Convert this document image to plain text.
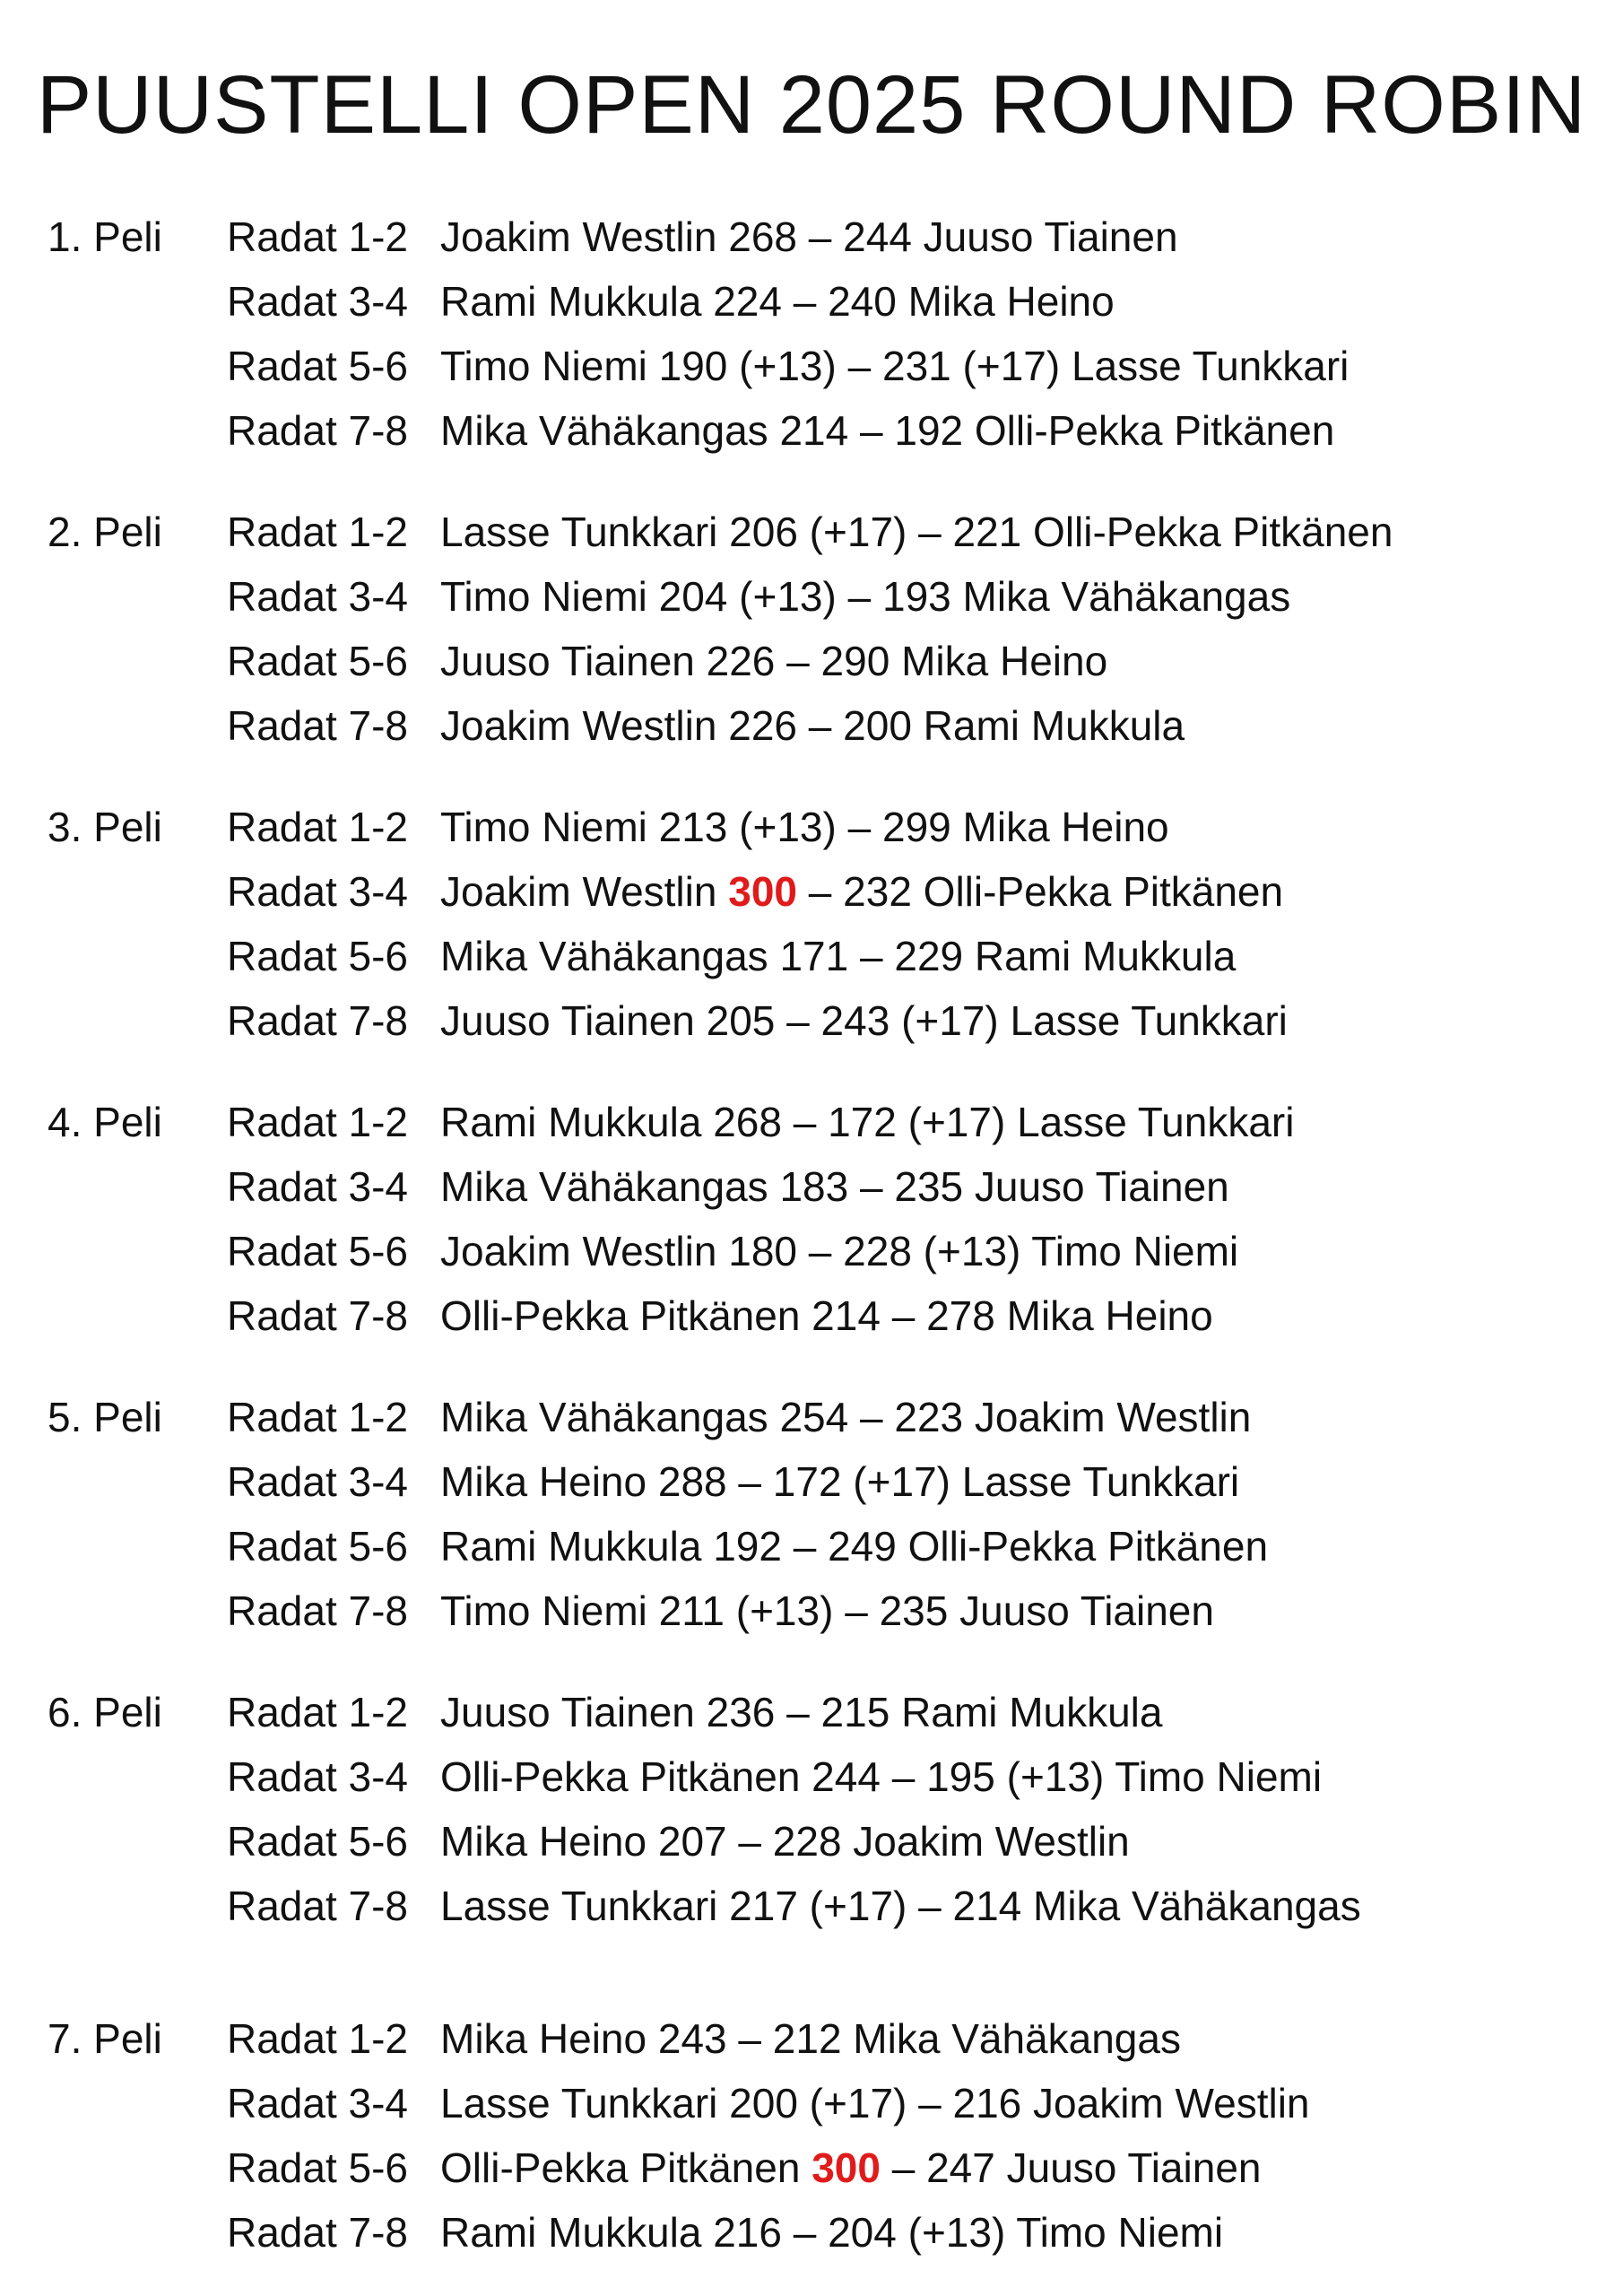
PUUSTELLI OPEN 2025 ROUND ROBIN
1. Peli Radat 1-2 Joakim Westlin 268 – 244 Juuso Tiainen
Radat 3-4 Rami Mukkula 224 – 240 Mika Heino
Radat 5-6 Timo Niemi 190 (+13) – 231 (+17) Lasse Tunkkari
Radat 7-8 Mika Vähäkangas 214 – 192 Olli-Pekka Pitkänen
2. Peli Radat 1-2 Lasse Tunkkari 206 (+17) – 221 Olli-Pekka Pitkänen
Radat 3-4 Timo Niemi 204 (+13) – 193 Mika Vähäkangas
Radat 5-6 Juuso Tiainen 226 – 290 Mika Heino
Radat 7-8 Joakim Westlin 226 – 200 Rami Mukkula
3. Peli Radat 1-2 Timo Niemi 213 (+13) – 299 Mika Heino
Radat 3-4 Joakim Westlin 300 – 232 Olli-Pekka Pitkänen
Radat 5-6 Mika Vähäkangas 171 – 229 Rami Mukkula
Radat 7-8 Juuso Tiainen 205 – 243 (+17) Lasse Tunkkari
4. Peli Radat 1-2 Rami Mukkula 268 – 172 (+17) Lasse Tunkkari
Radat 3-4 Mika Vähäkangas 183 – 235 Juuso Tiainen
Radat 5-6 Joakim Westlin 180 – 228 (+13) Timo Niemi
Radat 7-8 Olli-Pekka Pitkänen 214 – 278 Mika Heino
5. Peli Radat 1-2 Mika Vähäkangas 254 – 223 Joakim Westlin
Radat 3-4 Mika Heino 288 – 172 (+17) Lasse Tunkkari
Radat 5-6 Rami Mukkula 192 – 249 Olli-Pekka Pitkänen
Radat 7-8 Timo Niemi 211 (+13) – 235 Juuso Tiainen
6. Peli Radat 1-2 Juuso Tiainen 236 – 215 Rami Mukkula
Radat 3-4 Olli-Pekka Pitkänen 244 – 195 (+13) Timo Niemi
Radat 5-6 Mika Heino 207 – 228 Joakim Westlin
Radat 7-8 Lasse Tunkkari 217 (+17) – 214 Mika Vähäkangas
7. Peli Radat 1-2 Mika Heino 243 – 212 Mika Vähäkangas
Radat 3-4 Lasse Tunkkari 200 (+17) – 216 Joakim Westlin
Radat 5-6 Olli-Pekka Pitkänen 300 – 247 Juuso Tiainen
Radat 7-8 Rami Mukkula 216 – 204 (+13) Timo Niemi
